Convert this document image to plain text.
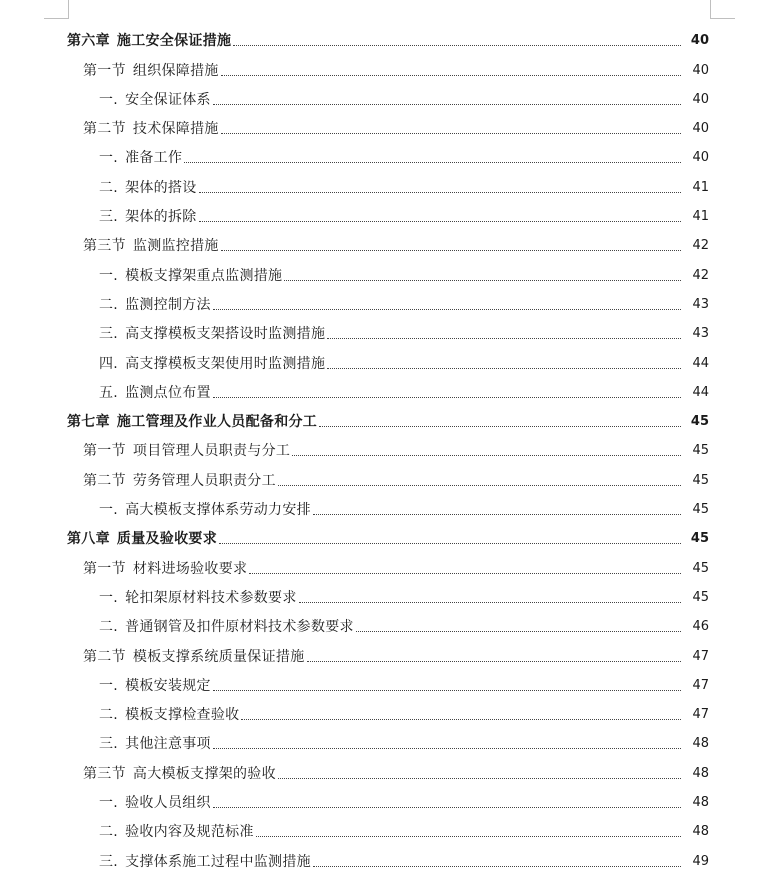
第六章 施工安全保证措施	40
第一节 组织保障措施	40
一. 安全保证体系	40
第二节 技术保障措施	40
一. 准备工作	40
二. 架体的搭设	41
三. 架体的拆除	41
第三节 监测监控措施	42
一. 模板支撑架重点监测措施	42
二. 监测控制方法	43
三. 高支撑模板支架搭设时监测措施	43
四. 高支撑模板支架使用时监测措施	44
五. 监测点位布置	44
第七章 施工管理及作业人员配备和分工	45
第一节 项目管理人员职责与分工	45
第二节 劳务管理人员职责分工	45
一. 高大模板支撑体系劳动力安排	45
第八章 质量及验收要求	45
第一节 材料进场验收要求	45
一. 轮扣架原材料技术参数要求	45
二. 普通钢管及扣件原材料技术参数要求	46
第二节 模板支撑系统质量保证措施	47
一. 模板安装规定	47
二. 模板支撑检查验收	47
三. 其他注意事项	48
第三节 高大模板支撑架的验收	48
一. 验收人员组织	48
二. 验收内容及规范标准	48
三. 支撑体系施工过程中监测措施	49
